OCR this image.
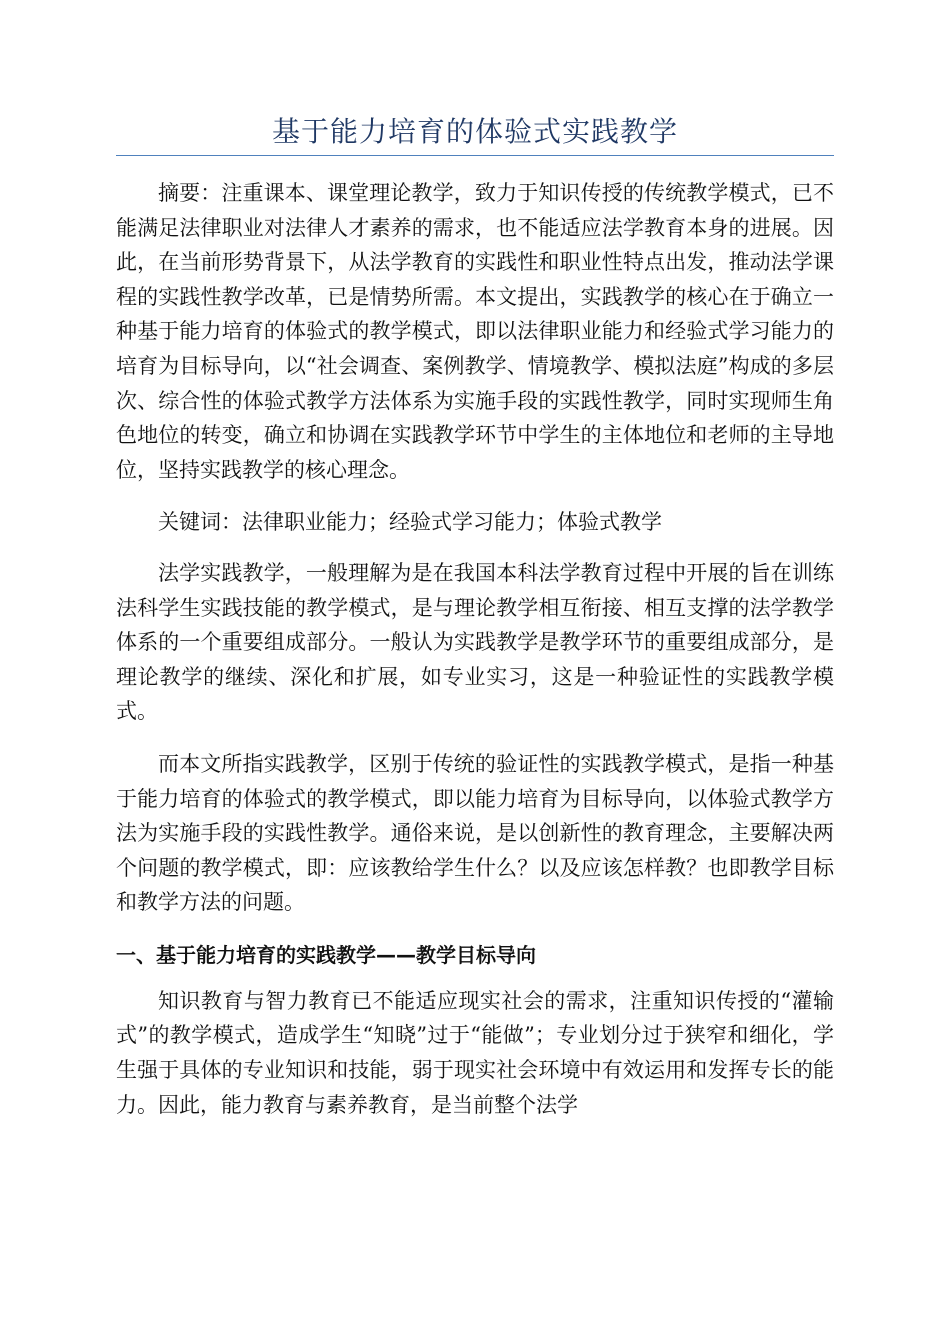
基于能力培育的体验式实践教学

摘要：注重课本、课堂理论教学，致力于知识传授的传统教学模式，已不能满足法律职业对法律人才素养的需求，也不能适应法学教育本身的进展。因此，在当前形势背景下，从法学教育的实践性和职业性特点出发，推动法学课程的实践性教学改革，已是情势所需。本文提出，实践教学的核心在于确立一种基于能力培育的体验式的教学模式，即以法律职业能力和经验式学习能力的培育为目标导向，以“社会调查、案例教学、情境教学、模拟法庭”构成的多层次、综合性的体验式教学方法体系为实施手段的实践性教学，同时实现师生角色地位的转变，确立和协调在实践教学环节中学生的主体地位和老师的主导地位，坚持实践教学的核心理念。

关键词：法律职业能力；经验式学习能力；体验式教学

法学实践教学，一般理解为是在我国本科法学教育过程中开展的旨在训练法科学生实践技能的教学模式，是与理论教学相互衔接、相互支撑的法学教学体系的一个重要组成部分。一般认为实践教学是教学环节的重要组成部分，是理论教学的继续、深化和扩展，如专业实习，这是一种验证性的实践教学模式。

而本文所指实践教学，区别于传统的验证性的实践教学模式，是指一种基于能力培育的体验式的教学模式，即以能力培育为目标导向，以体验式教学方法为实施手段的实践性教学。通俗来说，是以创新性的教育理念，主要解决两个问题的教学模式，即：应该教给学生什么？以及应该怎样教？也即教学目标和教学方法的问题。

一、基于能力培育的实践教学——教学目标导向

知识教育与智力教育已不能适应现实社会的需求，注重知识传授的“灌输式”的教学模式，造成学生“知晓”过于“能做”；专业划分过于狭窄和细化，学生强于具体的专业知识和技能，弱于现实社会环境中有效运用和发挥专长的能力。因此，能力教育与素养教育，是当前整个法学
